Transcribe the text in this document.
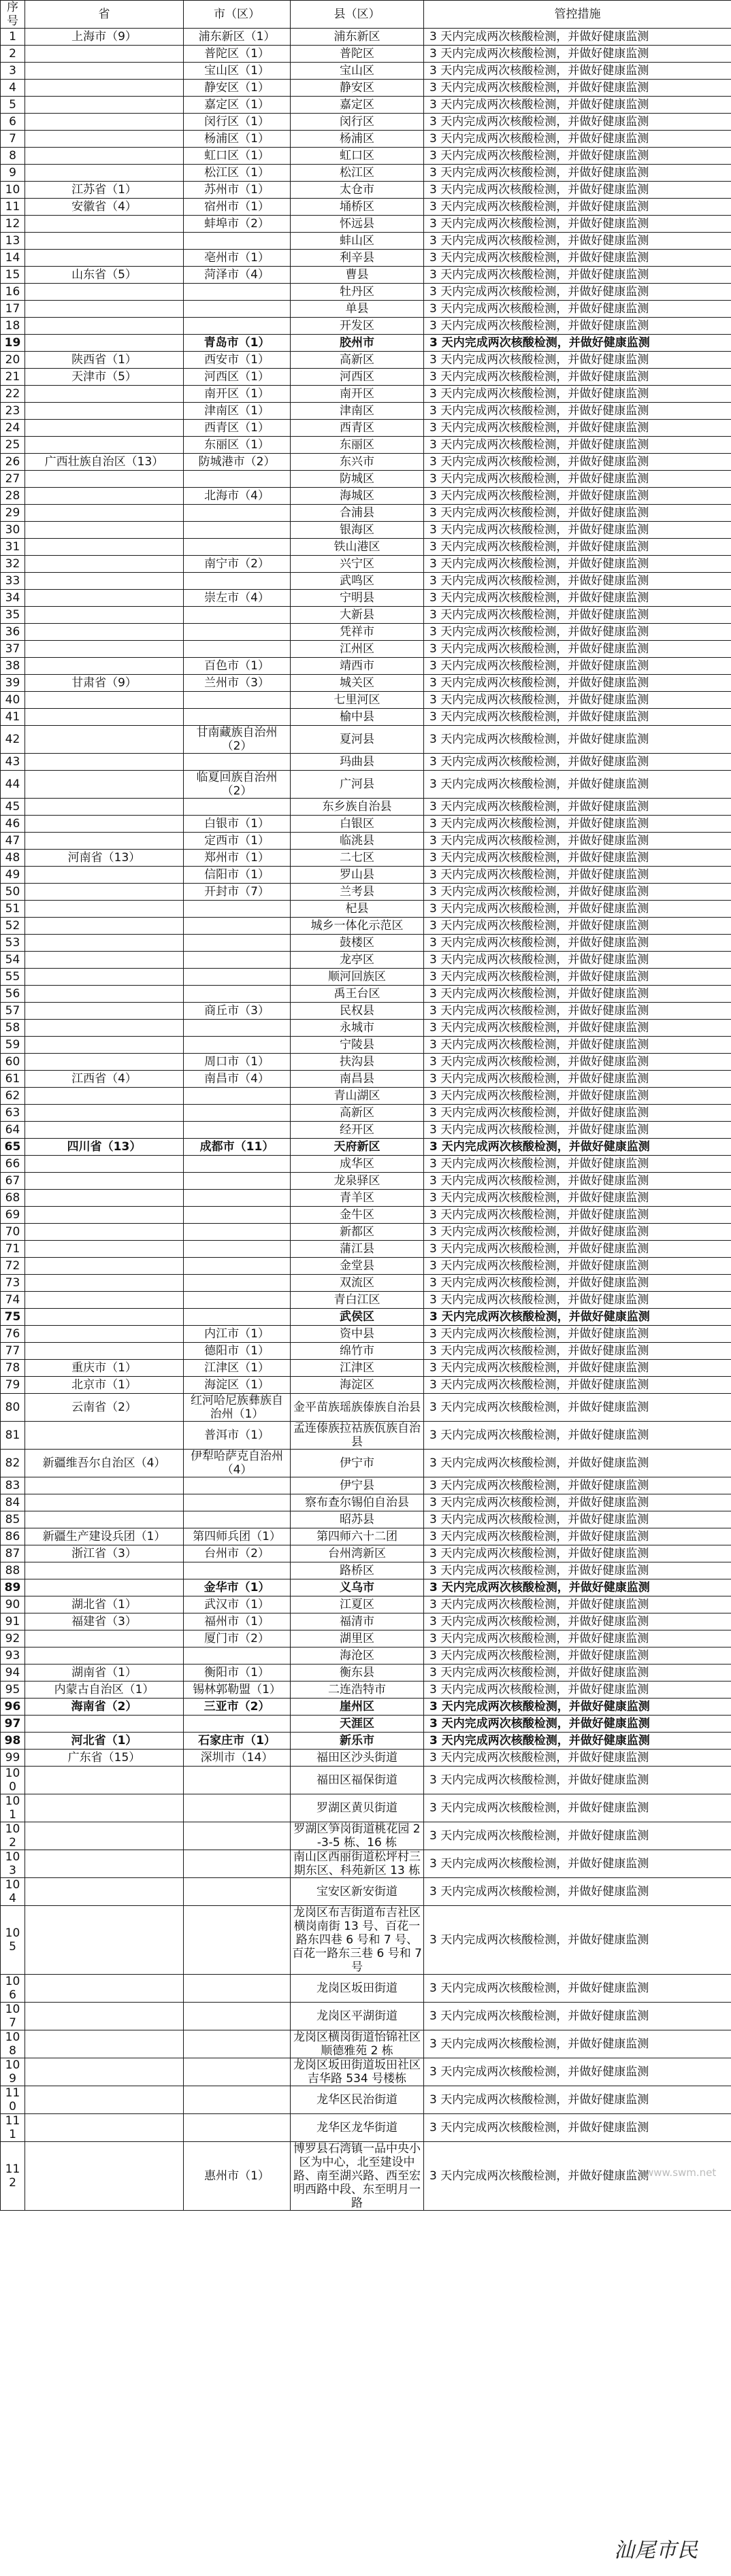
序号	省	市（区）	县（区）	管控措施
1	上海市（9）	浦东新区（1）	浦东新区	3 天内完成两次核酸检测，并做好健康监测
2		普陀区（1）	普陀区	3 天内完成两次核酸检测，并做好健康监测
3		宝山区（1）	宝山区	3 天内完成两次核酸检测，并做好健康监测
4		静安区（1）	静安区	3 天内完成两次核酸检测，并做好健康监测
5		嘉定区（1）	嘉定区	3 天内完成两次核酸检测，并做好健康监测
6		闵行区（1）	闵行区	3 天内完成两次核酸检测，并做好健康监测
7		杨浦区（1）	杨浦区	3 天内完成两次核酸检测，并做好健康监测
8		虹口区（1）	虹口区	3 天内完成两次核酸检测，并做好健康监测
9		松江区（1）	松江区	3 天内完成两次核酸检测，并做好健康监测
10	江苏省（1）	苏州市（1）	太仓市	3 天内完成两次核酸检测，并做好健康监测
11	安徽省（4）	宿州市（1）	埇桥区	3 天内完成两次核酸检测，并做好健康监测
12		蚌埠市（2）	怀远县	3 天内完成两次核酸检测，并做好健康监测
13			蚌山区	3 天内完成两次核酸检测，并做好健康监测
14		亳州市（1）	利辛县	3 天内完成两次核酸检测，并做好健康监测
15	山东省（5）	菏泽市（4）	曹县	3 天内完成两次核酸检测，并做好健康监测
16			牡丹区	3 天内完成两次核酸检测，并做好健康监测
17			单县	3 天内完成两次核酸检测，并做好健康监测
18			开发区	3 天内完成两次核酸检测，并做好健康监测
19		青岛市（1）	胶州市	3 天内完成两次核酸检测，并做好健康监测
20	陕西省（1）	西安市（1）	高新区	3 天内完成两次核酸检测，并做好健康监测
21	天津市（5）	河西区（1）	河西区	3 天内完成两次核酸检测，并做好健康监测
22		南开区（1）	南开区	3 天内完成两次核酸检测，并做好健康监测
23		津南区（1）	津南区	3 天内完成两次核酸检测，并做好健康监测
24		西青区（1）	西青区	3 天内完成两次核酸检测，并做好健康监测
25		东丽区（1）	东丽区	3 天内完成两次核酸检测，并做好健康监测
26	广西壮族自治区（13）	防城港市（2）	东兴市	3 天内完成两次核酸检测，并做好健康监测
27			防城区	3 天内完成两次核酸检测，并做好健康监测
28		北海市（4）	海城区	3 天内完成两次核酸检测，并做好健康监测
29			合浦县	3 天内完成两次核酸检测，并做好健康监测
30			银海区	3 天内完成两次核酸检测，并做好健康监测
31			铁山港区	3 天内完成两次核酸检测，并做好健康监测
32		南宁市（2）	兴宁区	3 天内完成两次核酸检测，并做好健康监测
33			武鸣区	3 天内完成两次核酸检测，并做好健康监测
34		崇左市（4）	宁明县	3 天内完成两次核酸检测，并做好健康监测
35			大新县	3 天内完成两次核酸检测，并做好健康监测
36			凭祥市	3 天内完成两次核酸检测，并做好健康监测
37			江州区	3 天内完成两次核酸检测，并做好健康监测
38		百色市（1）	靖西市	3 天内完成两次核酸检测，并做好健康监测
39	甘肃省（9）	兰州市（3）	城关区	3 天内完成两次核酸检测，并做好健康监测
40			七里河区	3 天内完成两次核酸检测，并做好健康监测
41			榆中县	3 天内完成两次核酸检测，并做好健康监测
42		甘南藏族自治州（2）	夏河县	3 天内完成两次核酸检测，并做好健康监测
43			玛曲县	3 天内完成两次核酸检测，并做好健康监测
44		临夏回族自治州（2）	广河县	3 天内完成两次核酸检测，并做好健康监测
45			东乡族自治县	3 天内完成两次核酸检测，并做好健康监测
46		白银市（1）	白银区	3 天内完成两次核酸检测，并做好健康监测
47		定西市（1）	临洮县	3 天内完成两次核酸检测，并做好健康监测
48	河南省（13）	郑州市（1）	二七区	3 天内完成两次核酸检测，并做好健康监测
49		信阳市（1）	罗山县	3 天内完成两次核酸检测，并做好健康监测
50		开封市（7）	兰考县	3 天内完成两次核酸检测，并做好健康监测
51			杞县	3 天内完成两次核酸检测，并做好健康监测
52			城乡一体化示范区	3 天内完成两次核酸检测，并做好健康监测
53			鼓楼区	3 天内完成两次核酸检测，并做好健康监测
54			龙亭区	3 天内完成两次核酸检测，并做好健康监测
55			顺河回族区	3 天内完成两次核酸检测，并做好健康监测
56			禹王台区	3 天内完成两次核酸检测，并做好健康监测
57		商丘市（3）	民权县	3 天内完成两次核酸检测，并做好健康监测
58			永城市	3 天内完成两次核酸检测，并做好健康监测
59			宁陵县	3 天内完成两次核酸检测，并做好健康监测
60		周口市（1）	扶沟县	3 天内完成两次核酸检测，并做好健康监测
61	江西省（4）	南昌市（4）	南昌县	3 天内完成两次核酸检测，并做好健康监测
62			青山湖区	3 天内完成两次核酸检测，并做好健康监测
63			高新区	3 天内完成两次核酸检测，并做好健康监测
64			经开区	3 天内完成两次核酸检测，并做好健康监测
65	四川省（13）	成都市（11）	天府新区	3 天内完成两次核酸检测，并做好健康监测
66			成华区	3 天内完成两次核酸检测，并做好健康监测
67			龙泉驿区	3 天内完成两次核酸检测，并做好健康监测
68			青羊区	3 天内完成两次核酸检测，并做好健康监测
69			金牛区	3 天内完成两次核酸检测，并做好健康监测
70			新都区	3 天内完成两次核酸检测，并做好健康监测
71			蒲江县	3 天内完成两次核酸检测，并做好健康监测
72			金堂县	3 天内完成两次核酸检测，并做好健康监测
73			双流区	3 天内完成两次核酸检测，并做好健康监测
74			青白江区	3 天内完成两次核酸检测，并做好健康监测
75			武侯区	3 天内完成两次核酸检测，并做好健康监测
76		内江市（1）	资中县	3 天内完成两次核酸检测，并做好健康监测
77		德阳市（1）	绵竹市	3 天内完成两次核酸检测，并做好健康监测
78	重庆市（1）	江津区（1）	江津区	3 天内完成两次核酸检测，并做好健康监测
79	北京市（1）	海淀区（1）	海淀区	3 天内完成两次核酸检测，并做好健康监测
80	云南省（2）	红河哈尼族彝族自治州（1）	金平苗族瑶族傣族自治县	3 天内完成两次核酸检测，并做好健康监测
81		普洱市（1）	孟连傣族拉祜族佤族自治县	3 天内完成两次核酸检测，并做好健康监测
82	新疆维吾尔自治区（4）	伊犁哈萨克自治州（4）	伊宁市	3 天内完成两次核酸检测，并做好健康监测
83			伊宁县	3 天内完成两次核酸检测，并做好健康监测
84			察布查尔锡伯自治县	3 天内完成两次核酸检测，并做好健康监测
85			昭苏县	3 天内完成两次核酸检测，并做好健康监测
86	新疆生产建设兵团（1）	第四师兵团（1）	第四师六十二团	3 天内完成两次核酸检测，并做好健康监测
87	浙江省（3）	台州市（2）	台州湾新区	3 天内完成两次核酸检测，并做好健康监测
88			路桥区	3 天内完成两次核酸检测，并做好健康监测
89		金华市（1）	义乌市	3 天内完成两次核酸检测，并做好健康监测
90	湖北省（1）	武汉市（1）	江夏区	3 天内完成两次核酸检测，并做好健康监测
91	福建省（3）	福州市（1）	福清市	3 天内完成两次核酸检测，并做好健康监测
92		厦门市（2）	湖里区	3 天内完成两次核酸检测，并做好健康监测
93			海沧区	3 天内完成两次核酸检测，并做好健康监测
94	湖南省（1）	衡阳市（1）	衡东县	3 天内完成两次核酸检测，并做好健康监测
95	内蒙古自治区（1）	锡林郭勒盟（1）	二连浩特市	3 天内完成两次核酸检测，并做好健康监测
96	海南省（2）	三亚市（2）	崖州区	3 天内完成两次核酸检测，并做好健康监测
97			天涯区	3 天内完成两次核酸检测，并做好健康监测
98	河北省（1）	石家庄市（1）	新乐市	3 天内完成两次核酸检测，并做好健康监测
99	广东省（15）	深圳市（14）	福田区沙头街道	3 天内完成两次核酸检测，并做好健康监测
100			福田区福保街道	3 天内完成两次核酸检测，并做好健康监测
101			罗湖区黄贝街道	3 天内完成两次核酸检测，并做好健康监测
102			罗湖区笋岗街道桃花园 2-3-5 栋、16 栋	3 天内完成两次核酸检测，并做好健康监测
103			南山区西丽街道松坪村三期东区、科苑新区 13 栋	3 天内完成两次核酸检测，并做好健康监测
104			宝安区新安街道	3 天内完成两次核酸检测，并做好健康监测
105			龙岗区布吉街道布吉社区横岗南街 13 号、百花一路东四巷 6 号和 7 号、百花一路东三巷 6 号和 7 号	3 天内完成两次核酸检测，并做好健康监测
106			龙岗区坂田街道	3 天内完成两次核酸检测，并做好健康监测
107			龙岗区平湖街道	3 天内完成两次核酸检测，并做好健康监测
108			龙岗区横岗街道怡锦社区顺德雅苑 2 栋	3 天内完成两次核酸检测，并做好健康监测
109			龙岗区坂田街道坂田社区吉华路 534 号楼栋	3 天内完成两次核酸检测，并做好健康监测
110			龙华区民治街道	3 天内完成两次核酸检测，并做好健康监测
111			龙华区龙华街道	3 天内完成两次核酸检测，并做好健康监测
112		惠州市（1）	博罗县石湾镇一品中央小区为中心，北至建设中路、南至湖兴路、西至宏明西路中段、东至明月一路	3 天内完成两次核酸检测，并做好健康监测
汕尾市民
www.swm.net
